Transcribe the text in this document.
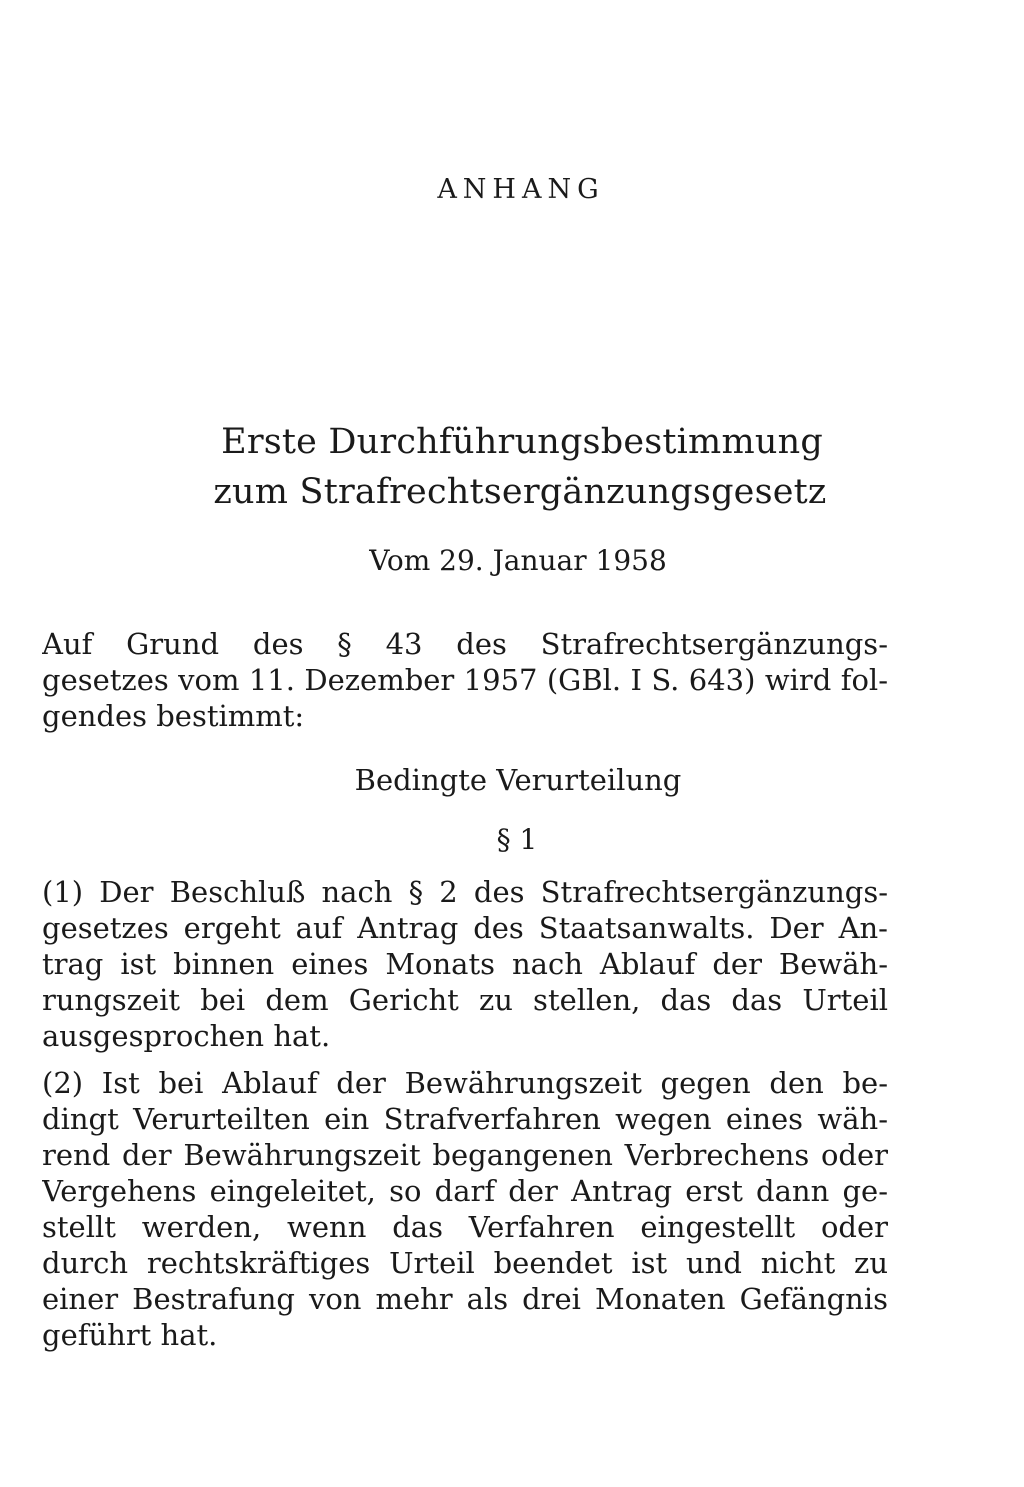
ANHANG
Erste Durchführungsbestimmung
zum Strafrechtsergänzungsgesetz
Vom 29. Januar 1958
Auf Grund des § 43 des Strafrechtsergänzungs-
gesetzes vom 11. Dezember 1957 (GBl. I S. 643) wird fol-
gendes bestimmt:
Bedingte Verurteilung
§ 1
(1) Der Beschluß nach § 2 des Strafrechtsergänzungs-
gesetzes ergeht auf Antrag des Staatsanwalts. Der An-
trag ist binnen eines Monats nach Ablauf der Bewäh-
rungszeit bei dem Gericht zu stellen, das das Urteil
ausgesprochen hat.
(2) Ist bei Ablauf der Bewährungszeit gegen den be-
dingt Verurteilten ein Strafverfahren wegen eines wäh-
rend der Bewährungszeit begangenen Verbrechens oder
Vergehens eingeleitet, so darf der Antrag erst dann ge-
stellt werden, wenn das Verfahren eingestellt oder
durch rechtskräftiges Urteil beendet ist und nicht zu
einer Bestrafung von mehr als drei Monaten Gefängnis
geführt hat.
